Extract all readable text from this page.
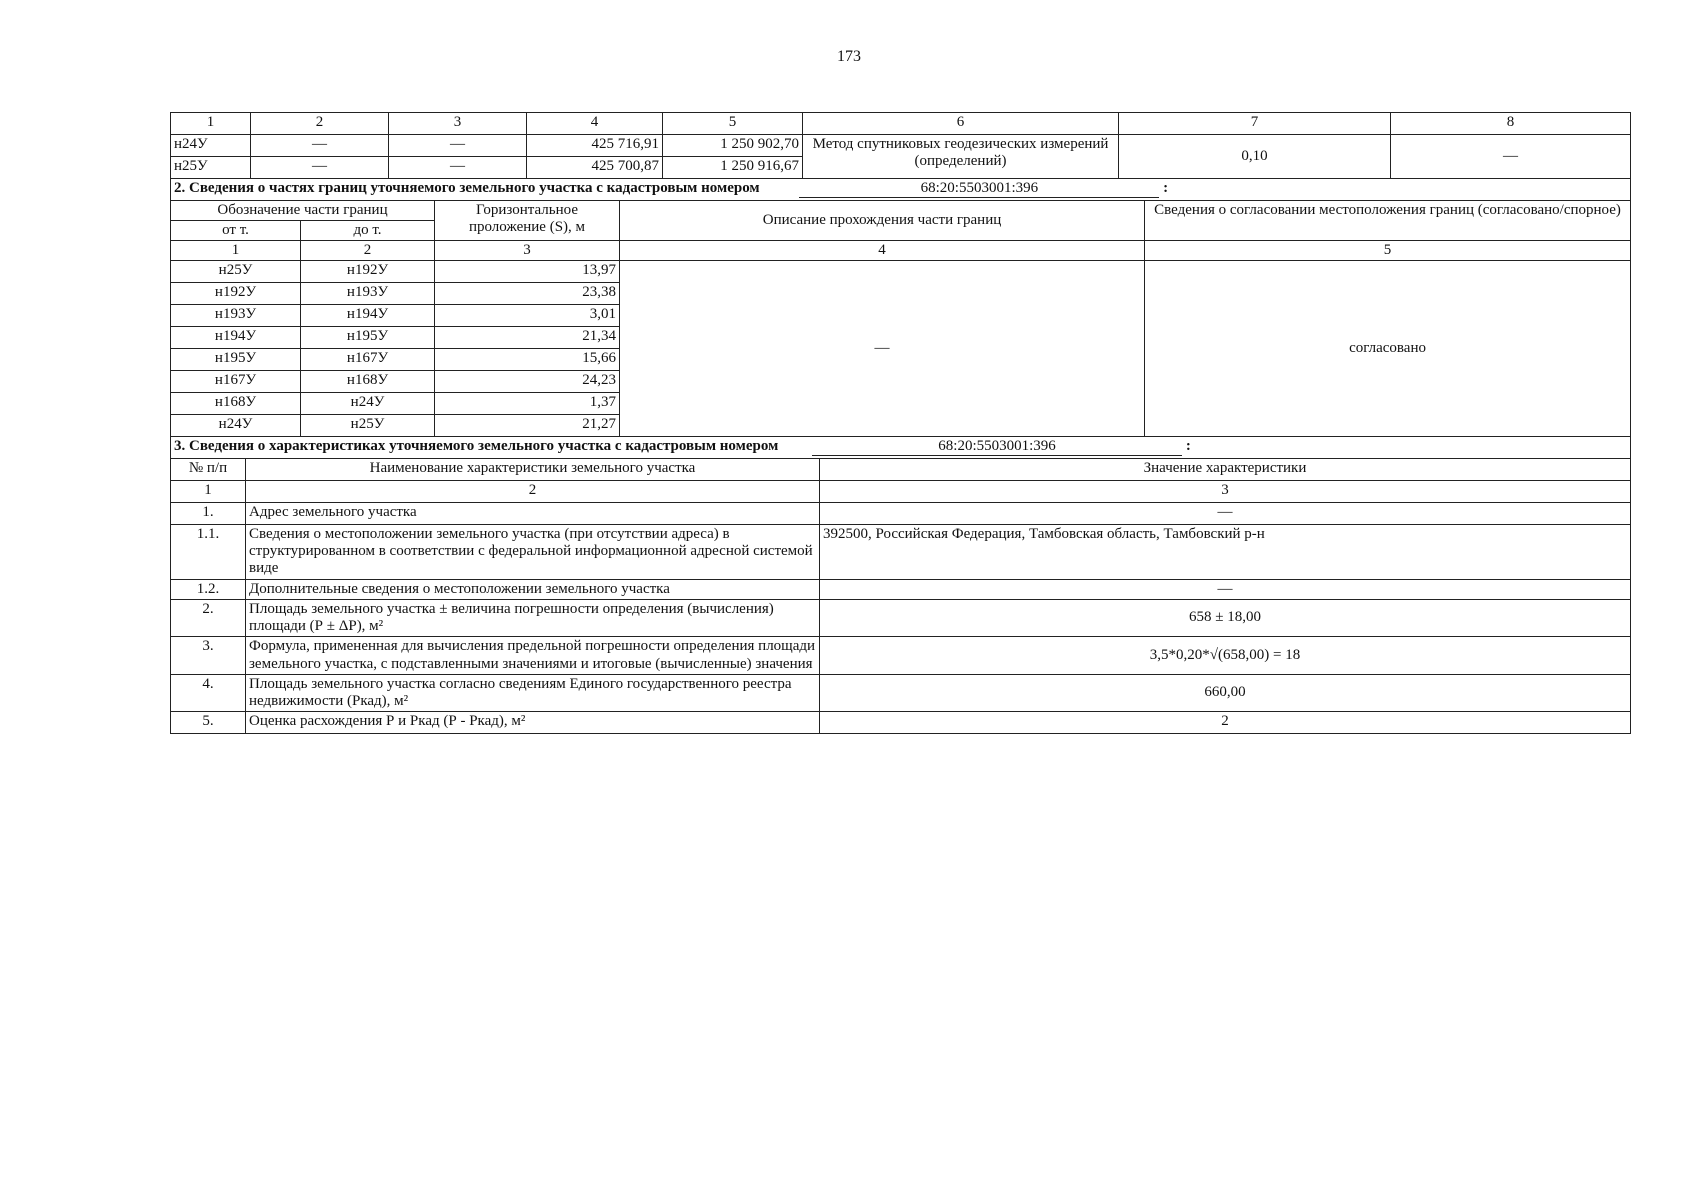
173
1	2	3	4	5	6	7	8
н24У	—	—	425 716,91	1 250 902,70	Метод спутниковых геодезических измерений (определений)	0,10	—
н25У	—	—	425 700,87	1 250 916,67			
2. Сведения о частях границ уточняемого земельного участка с кадастровым номером 68:20:5503001:396 :				
Обозначение части границ		Горизонтальное проложение (S), м	Описание прохождения части границ	Сведения о согласовании местоположения границ (согласовано/спорное)
от т.	до т.			
1	2	3	4	5
н25У	н192У	13,97	—	согласовано
н192У	н193У	23,38		
н193У	н194У	3,01		
н194У	н195У	21,34		
н195У	н167У	15,66		
н167У	н168У	24,23		
н168У	н24У	1,37		
н24У	н25У	21,27		
3. Сведения о характеристиках уточняемого земельного участка с кадастровым номером 68:20:5503001:396 :		
№ п/п	Наименование характеристики земельного участка	Значение характеристики
1	2	3
1.	Адрес земельного участка	—
1.1.	Сведения о местоположении земельного участка (при отсутствии адреса) в структурированном в соответствии с федеральной информационной адресной системой виде	392500, Российская Федерация, Тамбовская область, Тамбовский р-н
1.2.	Дополнительные сведения о местоположении земельного участка	—
2.	Площадь земельного участка ± величина погрешности определения (вычисления) площади (Р ± ΔР), м²	658 ± 18,00
3.	Формула, примененная для вычисления предельной погрешности определения площади земельного участка, с подставленными значениями и итоговые (вычисленные) значения	3,5*0,20*√(658,00) = 18
4.	Площадь земельного участка согласно сведениям Единого государственного реестра недвижимости (Ркад), м²	660,00
5.	Оценка расхождения Р и Ркад (Р - Ркад), м²	2
